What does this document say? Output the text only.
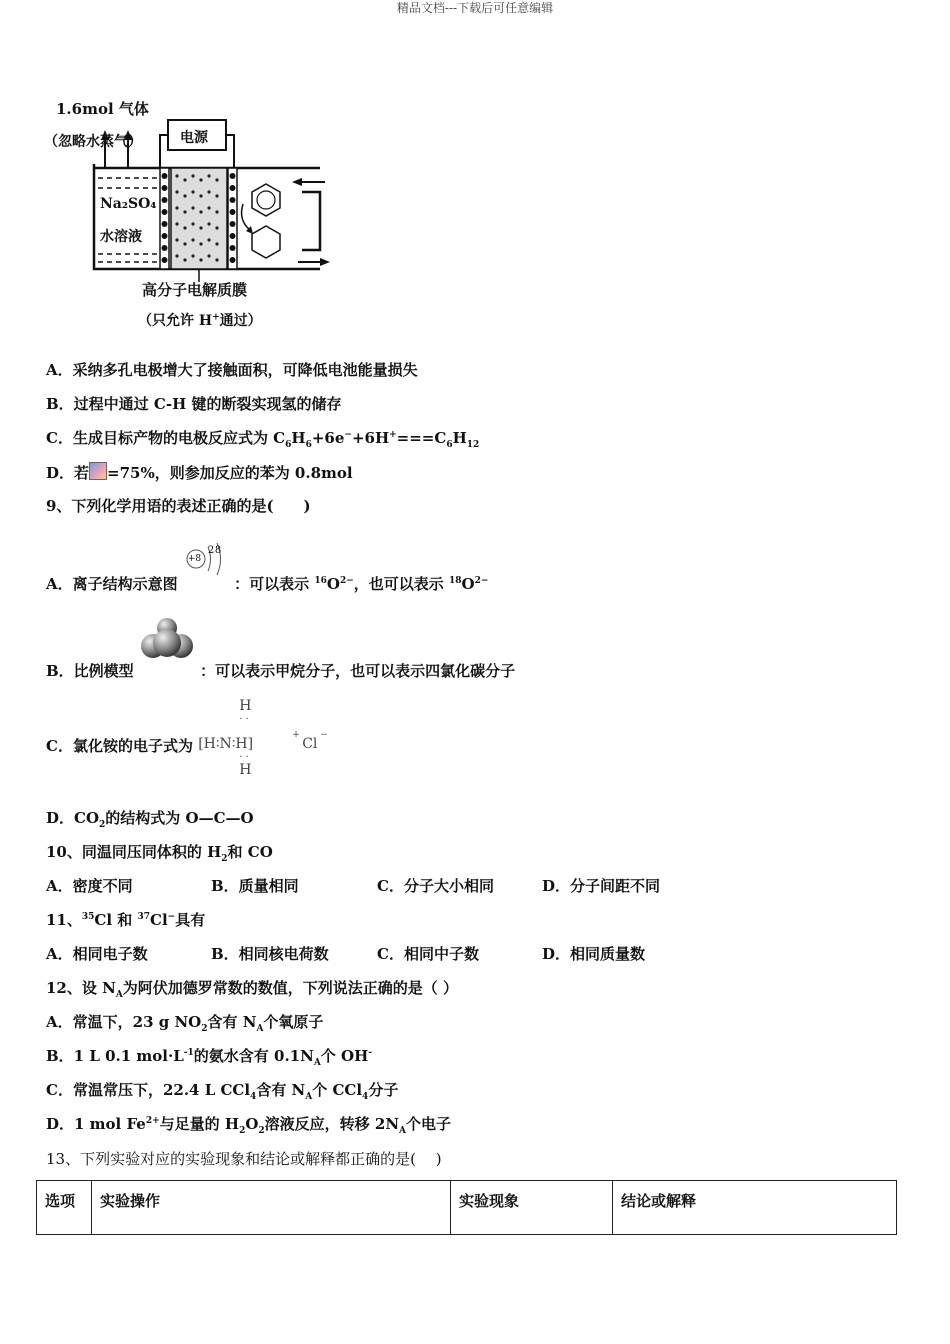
精品文档---下载后可任意编辑
1.6mol 气体
（忽略水蒸气）	电源
Na₂SO₄
水溶液
高分子电解质膜
（只允许 H+通过）
A．采纳多孔电极增大了接触面积，可降低电池能量损失
B．过程中通过 C-H 键的断裂实现氢的储存
C．生成目标产物的电极反应式为 $C_6H_6+6e^-+6H^+===C_6H_{12}$
D．若 =75%，则参加反应的苯为 0.8mol
9、下列化学用语的表述正确的是(　　)
A．离子结构示意图
+8
2 8
：可以表示 $^{16}O^{2-}$，也可以表示 $^{18}O^{2-}$
B．比例模型	：可以表示甲烷分子，也可以表示四氯化碳分子
C．氯化铵的电子式为
H
· ·
[H∶N∶H]
+
Cl
−
· ·
H
D．$CO_2$的结构式为 O—C—O
10、同温同压同体积的 $H_2$和 CO
A．密度不同	B．质量相同	C．分子大小相同	D．分子间距不同
11、$^{35}$Cl 和 $^{37}$Cl−具有
A．相同电子数	B．相同核电荷数	C．相同中子数	D．相同质量数
12、设 $N_A$为阿伏加德罗常数的数值，下列说法正确的是（ ）
A．常温下，23 g $NO_2$含有 $N_A$个氧原子
B．1 L 0.1 $mol\cdot L^{-1}$的氨水含有 $0.1N_A$个 OH-
C．常温常压下，22.4 L CCl$_4$含有 $N_A$个 CCl$_4$分子
D．1 mol $Fe^{2+}$与足量的 $H_2O_2$溶液反应，转移 $2N_A$个电子
13、下列实验对应的实验现象和结论或解释都正确的是(　 )
选项	实验操作	实验现象	结论或解释
